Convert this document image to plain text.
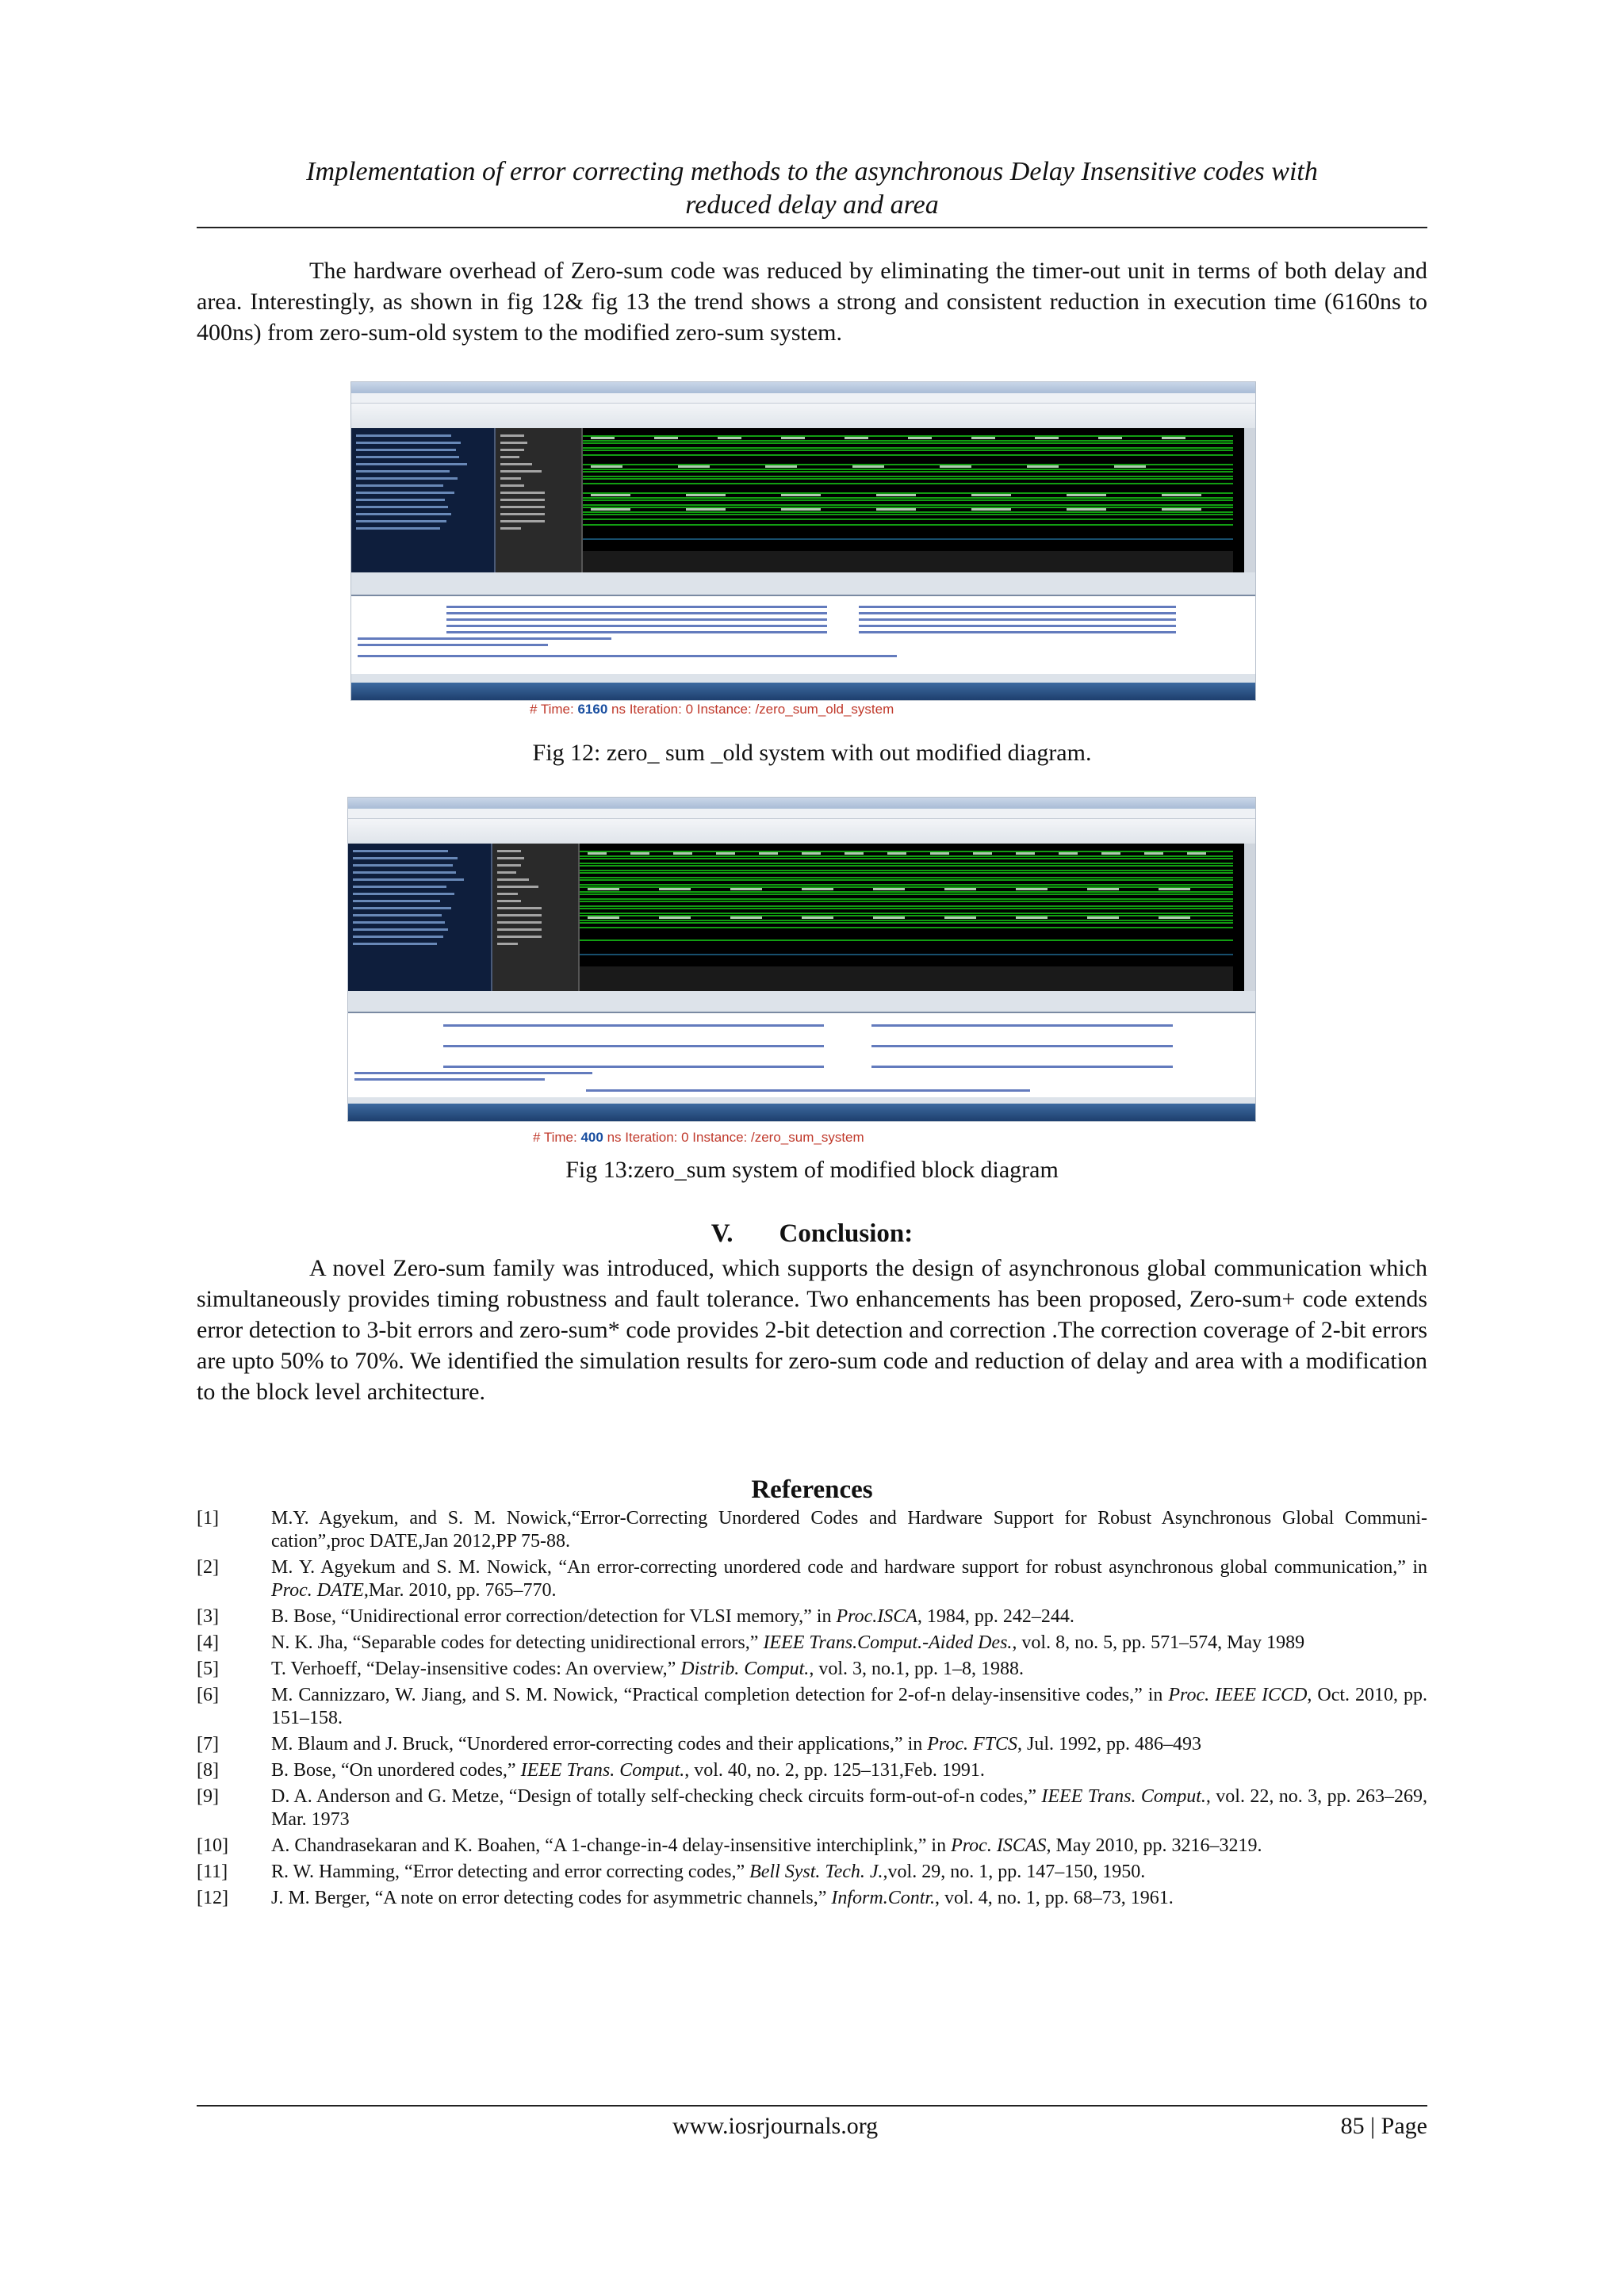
Implementation of error correcting methods to the asynchronous Delay Insensitive codes with
reduced delay and area
The hardware overhead of Zero-sum code was reduced by eliminating the timer-out unit in terms of both delay and area. Interestingly, as shown in fig 12& fig 13 the trend shows a strong and consistent reduction in execution time (6160ns to 400ns) from zero-sum-old system to the modified zero-sum system.
# Time: 6160 ns Iteration: 0 Instance: /zero_sum_old_system
Fig 12: zero_ sum _old system with out modified diagram.
# Time: 400 ns Iteration: 0 Instance: /zero_sum_system
Fig 13:zero_sum system of modified block diagram
V. Conclusion:
A novel Zero-sum family was introduced, which supports the design of asynchronous global communication which simultaneously provides timing robustness and fault tolerance. Two enhancements has been proposed, Zero-sum+ code extends error detection to 3-bit errors and zero-sum* code provides 2-bit detection and correction .The correction coverage of 2-bit errors are upto 50% to 70%. We identified the simulation results for zero-sum code and reduction of delay and area with a modification to the block level architecture.
References
[1]	M.Y. Agyekum, and S. M. Nowick,“Error-Correcting Unordered Codes and Hardware Support for Robust Asynchronous Global Communi-cation”,proc DATE,Jan 2012,PP 75-88.
[2]	M. Y. Agyekum and S. M. Nowick, “An error-correcting unordered code and hardware support for robust asynchronous global communication,” in Proc. DATE,Mar. 2010, pp. 765–770.
[3]	B. Bose, “Unidirectional error correction/detection for VLSI memory,” in Proc.ISCA, 1984, pp. 242–244.
[4]	N. K. Jha, “Separable codes for detecting unidirectional errors,” IEEE Trans.Comput.-Aided Des., vol. 8, no. 5, pp. 571–574, May 1989
[5]	T. Verhoeff, “Delay-insensitive codes: An overview,” Distrib. Comput., vol. 3, no.1, pp. 1–8, 1988.
[6]	M. Cannizzaro, W. Jiang, and S. M. Nowick, “Practical completion detection for 2-of-n delay-insensitive codes,” in Proc. IEEE ICCD, Oct. 2010, pp. 151–158.
[7]	M. Blaum and J. Bruck, “Unordered error-correcting codes and their applications,” in Proc. FTCS, Jul. 1992, pp. 486–493
[8]	B. Bose, “On unordered codes,” IEEE Trans. Comput., vol. 40, no. 2, pp. 125–131,Feb. 1991.
[9]	D. A. Anderson and G. Metze, “Design of totally self-checking check circuits form-out-of-n codes,” IEEE Trans. Comput., vol. 22, no. 3, pp. 263–269, Mar. 1973
[10]	A. Chandrasekaran and K. Boahen, “A 1-change-in-4 delay-insensitive interchiplink,” in Proc. ISCAS, May 2010, pp. 3216–3219.
[11]	R. W. Hamming, “Error detecting and error correcting codes,” Bell Syst. Tech. J.,vol. 29, no. 1, pp. 147–150, 1950.
[12]	J. M. Berger, “A note on error detecting codes for asymmetric channels,” Inform.Contr., vol. 4, no. 1, pp. 68–73, 1961.
www.iosrjournals.org	85 | Page
